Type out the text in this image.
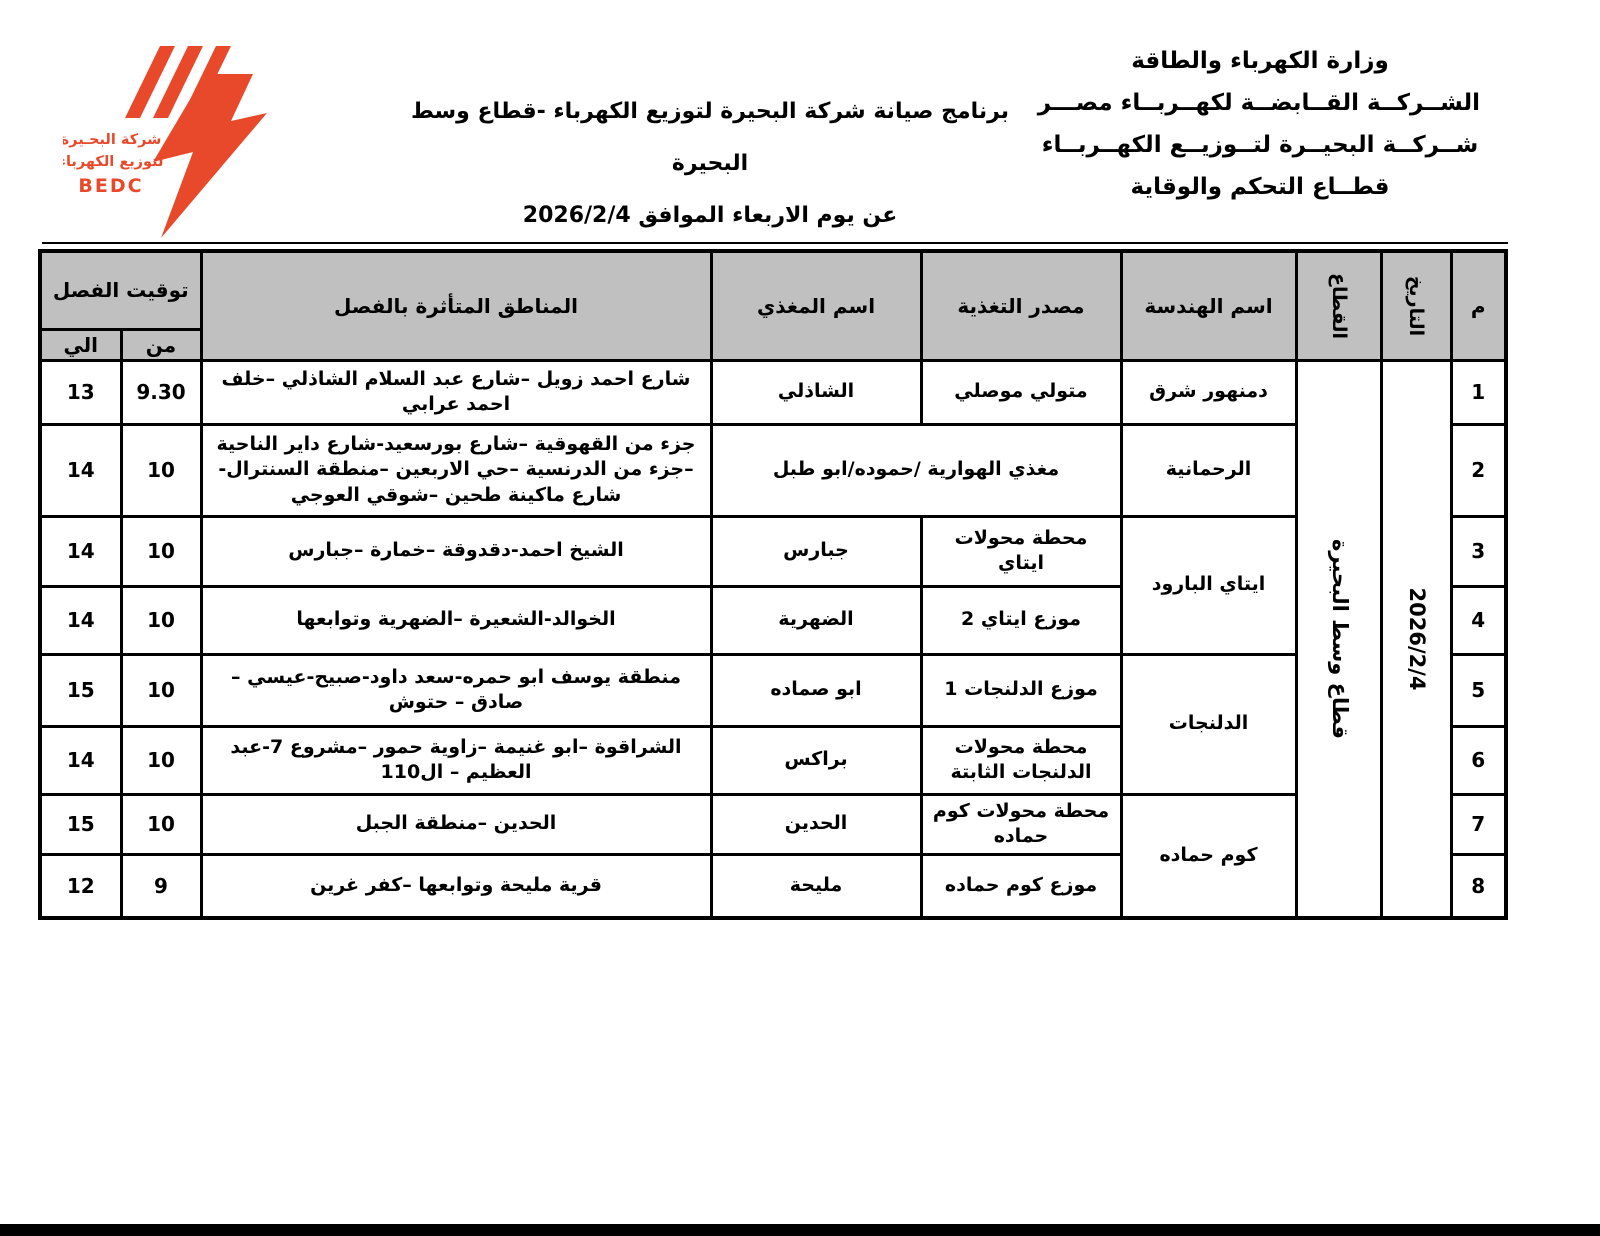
شركة البحـيرة
لتوزيع الكهرباء
BEDC
وزارة الكهرباء والطاقة
الشــركــة القــابضــة لكهــربــاء مصـــر
شــركــة البحيــرة لتــوزيــع الكهــربــاء
قطــاع التحكم والوقاية
برنامج صيانة شركة البحيرة لتوزيع الكهرباء -قطاع وسط البحيرة
عن يوم الاربعاء الموافق 2026/2/4
م	التاريخ	القطاع	اسم الهندسة	مصدر التغذية	اسم المغذي	المناطق المتأثرة بالفصل	توقيت الفصل	
							من	الي
1	2026/2/4	قطاع وسط البحيرة	دمنهور شرق	متولي موصلي	الشاذلي	شارع احمد زويل –شارع عبد السلام الشاذلي –خلف احمد عرابي	9.30	13
2			الرحمانية	مغذي الهوارية /حموده/ابو طبل		جزء من القهوقية –شارع بورسعيد-شارع داير الناحية –جزء من الدرنسية –حي الاربعين –منطقة السنترال-شارع ماكينة طحين –شوقي العوجي	10	14
3			ايتاي البارود	محطة محولات ايتاي	جبارس	الشيخ احمد-دقدوقة –خمارة –جبارس	10	14
4				موزع ايتاي 2	الضهرية	الخوالد-الشعيرة –الضهرية وتوابعها	10	14
5			الدلنجات	موزع الدلنجات 1	ابو صماده	منطقة يوسف ابو حمره-سعد داود-صبيح-عيسي –صادق – حتوش	10	15
6				محطة محولات الدلنجات الثابتة	براكس	الشراقوة –ابو غنيمة –زاوية حمور –مشروع 7-عبد العظيم – ال110	10	14
7			كوم حماده	محطة محولات كوم حماده	الحدين	الحدين –منطقة الجبل	10	15
8				موزع كوم حماده	مليحة	قرية مليحة وتوابعها –كفر غرين	9	12
